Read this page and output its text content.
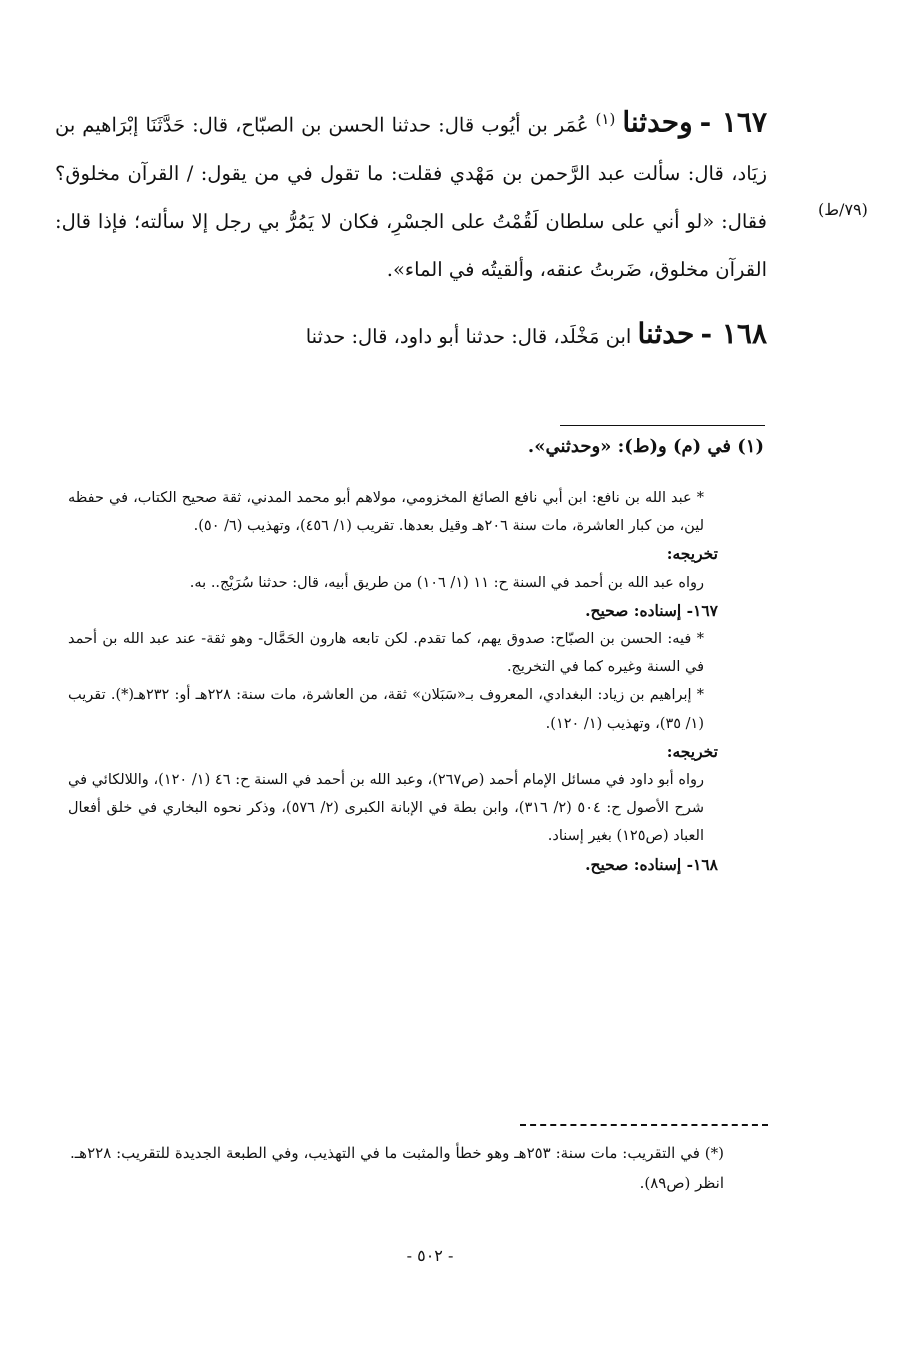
(٧٩/ط)

١٦٧ - وحدثنا $^{(١)}$ عُمَر بن أيُوب قال: حدثنا الحسن بن الصبّاح، قال: حَدَّثَنَا إبْرَاهيم بن زيَاد، قال: سألت عبد الرَّحمن بن مَهْدي فقلت: ما تقول في من يقول: / القرآن مخلوق؟ فقال: «لو أني على سلطان لَقُمْتُ على الجسْرِ، فكان لا يَمُرُّ بي رجل إلا سألته؛ فإذا قال: القرآن مخلوق، ضَربتُ عنقه، وألقيتُه في الماء».

١٦٨ - حدثنا ابن مَخْلَد، قال: حدثنا أبو داود، قال: حدثنا

(١) في (م) و(ط): «وحدثني».

* عبد الله بن نافع: ابن أبي نافع الصائغ المخزومي، مولاهم أبو محمد المدني، ثقة صحيح الكتاب، في حفظه لين، من كبار العاشرة، مات سنة ٢٠٦هـ وقيل بعدها. تقريب (١/ ٤٥٦)، وتهذيب (٦/ ٥٠).

تخريجه:

رواه عبد الله بن أحمد في السنة ح: ١١ (١/ ١٠٦) من طريق أبيه، قال: حدثنا سُرَيْج.. به.

١٦٧- إسناده: صحيح.

* فيه: الحسن بن الصبّاح: صدوق يهم، كما تقدم. لكن تابعه هارون الحَمَّال- وهو ثقة- عند عبد الله بن أحمد في السنة وغيره كما في التخريج.

* إبراهيم بن زياد: البغدادي، المعروف بـ«سَبَلان» ثقة، من العاشرة، مات سنة: ٢٢٨هـ أو: ٢٣٢هـ(*). تقريب (١/ ٣٥)، وتهذيب (١/ ١٢٠).

تخريجه:

رواه أبو داود في مسائل الإمام أحمد (ص٢٦٧)، وعبد الله بن أحمد في السنة ح: ٤٦ (١/ ١٢٠)، واللالكائي في شرح الأصول ح: ٥٠٤ (٢/ ٣١٦)، وابن بطة في الإبانة الكبرى (٢/ ٥٧٦)، وذكر نحوه البخاري في خلق أفعال العباد (ص١٢٥) بغير إسناد.

١٦٨- إسناده: صحيح.

(*) في التقريب: مات سنة: ٢٥٣هـ وهو خطأ والمثبت ما في التهذيب، وفي الطبعة الجديدة للتقريب: ٢٢٨هـ. انظر (ص٨٩).
- ٥٠٢ -
